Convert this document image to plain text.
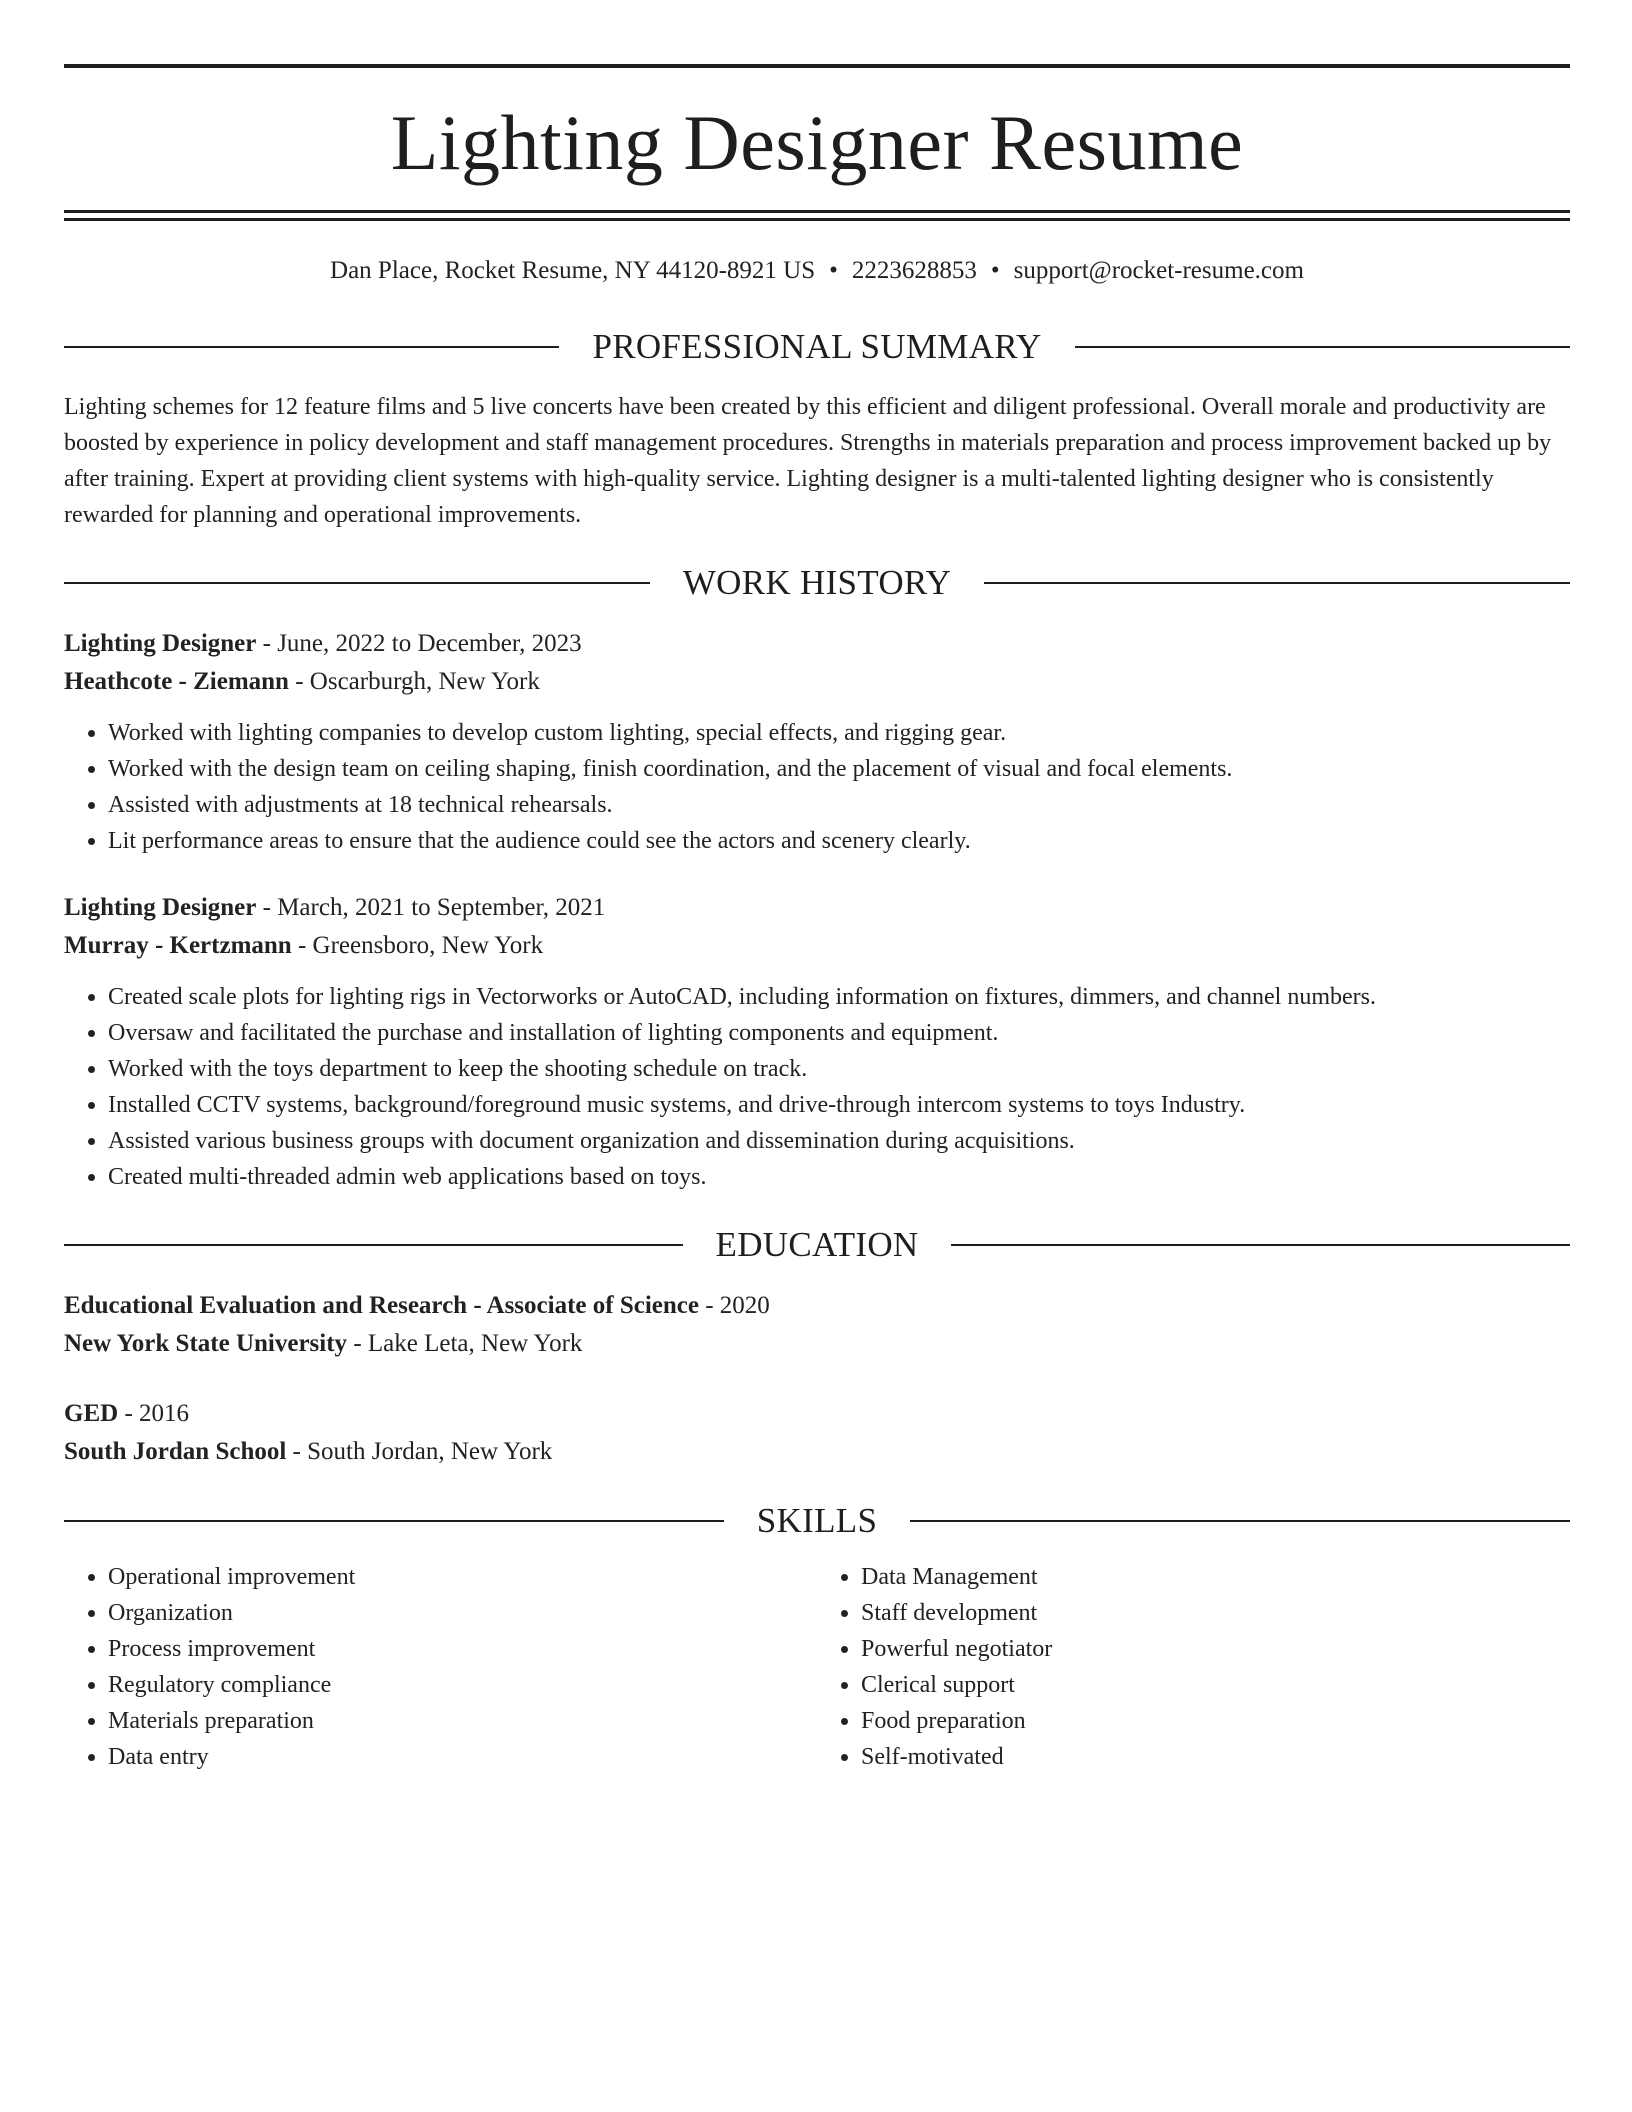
Lighting Designer Resume
Dan Place, Rocket Resume, NY 44120-8921 US • 2223628853 • support@rocket-resume.com
PROFESSIONAL SUMMARY
Lighting schemes for 12 feature films and 5 live concerts have been created by this efficient and diligent professional. Overall morale and productivity are boosted by experience in policy development and staff management procedures. Strengths in materials preparation and process improvement backed up by after training. Expert at providing client systems with high-quality service. Lighting designer is a multi-talented lighting designer who is consistently rewarded for planning and operational improvements.
WORK HISTORY
Lighting Designer - June, 2022 to December, 2023
Heathcote - Ziemann - Oscarburgh, New York
• Worked with lighting companies to develop custom lighting, special effects, and rigging gear.
• Worked with the design team on ceiling shaping, finish coordination, and the placement of visual and focal elements.
• Assisted with adjustments at 18 technical rehearsals.
• Lit performance areas to ensure that the audience could see the actors and scenery clearly.
Lighting Designer - March, 2021 to September, 2021
Murray - Kertzmann - Greensboro, New York
• Created scale plots for lighting rigs in Vectorworks or AutoCAD, including information on fixtures, dimmers, and channel numbers.
• Oversaw and facilitated the purchase and installation of lighting components and equipment.
• Worked with the toys department to keep the shooting schedule on track.
• Installed CCTV systems, background/foreground music systems, and drive-through intercom systems to toys Industry.
• Assisted various business groups with document organization and dissemination during acquisitions.
• Created multi-threaded admin web applications based on toys.
EDUCATION
Educational Evaluation and Research - Associate of Science - 2020
New York State University - Lake Leta, New York
GED - 2016
South Jordan School - South Jordan, New York
SKILLS
• Operational improvement
• Organization
• Process improvement
• Regulatory compliance
• Materials preparation
• Data entry
• Data Management
• Staff development
• Powerful negotiator
• Clerical support
• Food preparation
• Self-motivated
